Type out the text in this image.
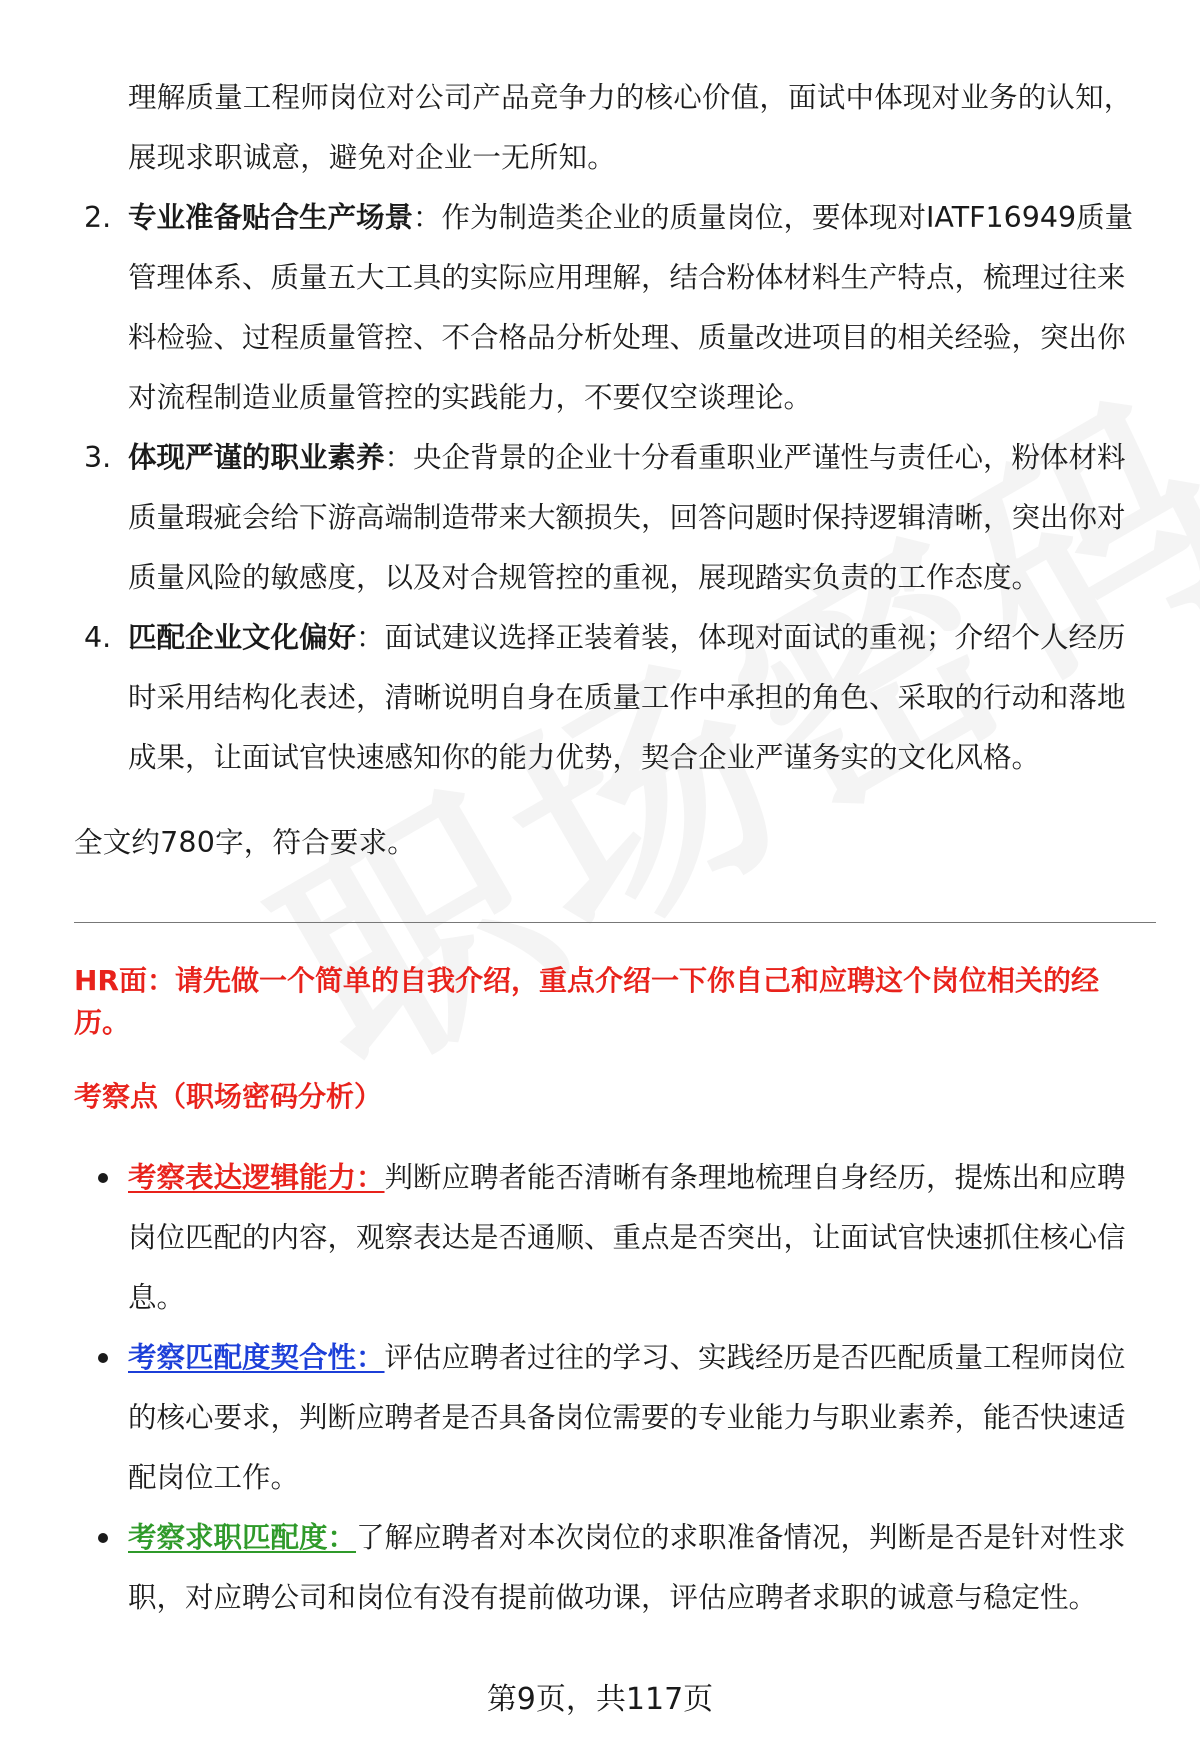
理解质量工程师岗位对公司产品竞争力的核心价值，面试中体现对业务的认知，展现求职诚意，避免对企业一无所知。

2. 专业准备贴合生产场景：作为制造类企业的质量岗位，要体现对IATF16949质量管理体系、质量五大工具的实际应用理解，结合粉体材料生产特点，梳理过往来料检验、过程质量管控、不合格品分析处理、质量改进项目的相关经验，突出你对流程制造业质量管控的实践能力，不要仅空谈理论。
3. 体现严谨的职业素养：央企背景的企业十分看重职业严谨性与责任心，粉体材料质量瑕疵会给下游高端制造带来大额损失，回答问题时保持逻辑清晰，突出你对质量风险的敏感度，以及对合规管控的重视，展现踏实负责的工作态度。
4. 匹配企业文化偏好：面试建议选择正装着装，体现对面试的重视；介绍个人经历时采用结构化表述，清晰说明自身在质量工作中承担的角色、采取的行动和落地成果，让面试官快速感知你的能力优势，契合企业严谨务实的文化风格。

全文约780字，符合要求。

HR面：请先做一个简单的自我介绍，重点介绍一下你自己和应聘这个岗位相关的经历。

考察点（职场密码分析）

考察表达逻辑能力：判断应聘者能否清晰有条理地梳理自身经历，提炼出和应聘岗位匹配的内容，观察表达是否通顺、重点是否突出，让面试官快速抓住核心信息。
考察匹配度契合性：评估应聘者过往的学习、实践经历是否匹配质量工程师岗位的核心要求，判断应聘者是否具备岗位需要的专业能力与职业素养，能否快速适配岗位工作。
考察求职匹配度：了解应聘者对本次岗位的求职准备情况，判断是否是针对性求职，对应聘公司和岗位有没有提前做功课，评估应聘者求职的诚意与稳定性。

第9页，共117页
